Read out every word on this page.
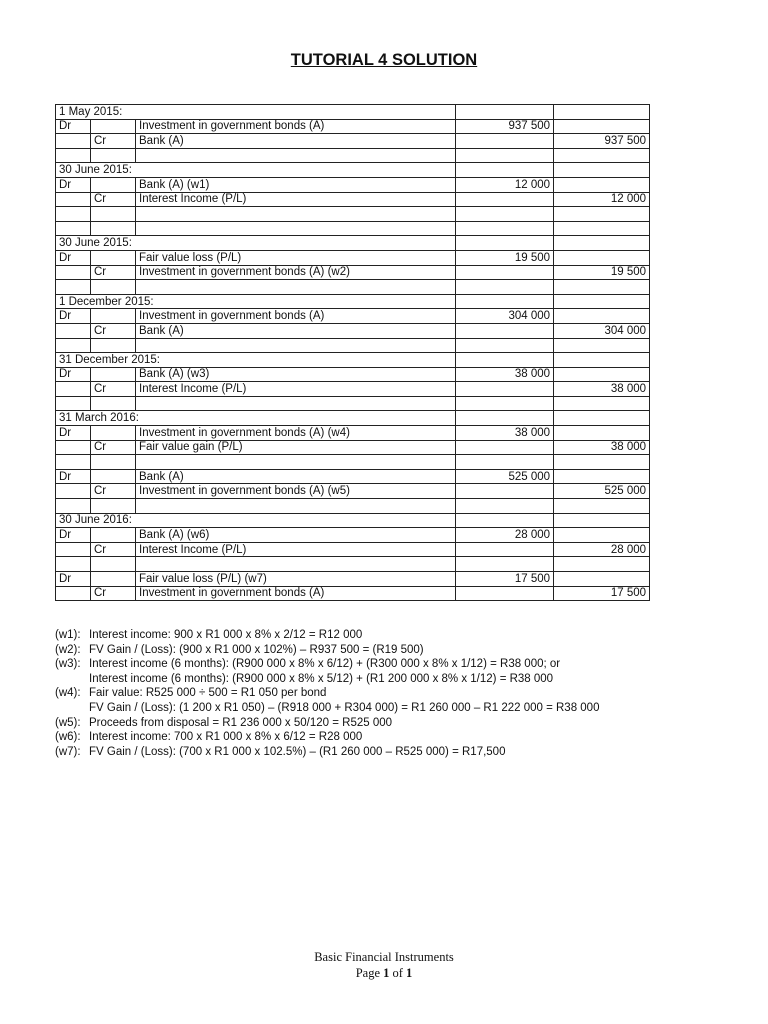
TUTORIAL 4 SOLUTION
1 May 2015:				
Dr		Investment in government bonds (A)	937 500	
	Cr	Bank (A)		937 500

30 June 2015:				
Dr		Bank (A) (w1)	12 000	
	Cr	Interest Income (P/L)		12 000

30 June 2015:				
Dr		Fair value loss (P/L)	19 500	
	Cr	Investment in government bonds (A) (w2)		19 500

1 December 2015:				
Dr		Investment in government bonds (A)	304 000	
	Cr	Bank (A)		304 000

31 December 2015:				
Dr		Bank (A) (w3)	38 000	
	Cr	Interest Income (P/L)		38 000

31 March 2016:				
Dr		Investment in government bonds (A) (w4)	38 000	
	Cr	Fair value gain (P/L)		38 000

Dr		Bank (A)	525 000	
	Cr	Investment in government bonds (A) (w5)		525 000

30 June 2016:				
Dr		Bank (A) (w6)	28 000	
	Cr	Interest Income (P/L)		28 000

Dr		Fair value loss (P/L) (w7)	17 500	
	Cr	Investment in government bonds (A)		17 500
(w1): Interest income: 900 x R1 000 x 8% x 2/12 = R12 000
(w2): FV Gain / (Loss): (900 x R1 000 x 102%) – R937 500 = (R19 500)
(w3): Interest income (6 months): (R900 000 x 8% x 6/12) + (R300 000 x 8% x 1/12) = R38 000; or
Interest income (6 months): (R900 000 x 8% x 5/12) + (R1 200 000 x 8% x 1/12) = R38 000
(w4): Fair value: R525 000 ÷ 500 = R1 050 per bond
FV Gain / (Loss): (1 200 x R1 050) – (R918 000 + R304 000) = R1 260 000 – R1 222 000 = R38 000
(w5): Proceeds from disposal = R1 236 000 x 50/120 = R525 000
(w6): Interest income: 700 x R1 000 x 8% x 6/12 = R28 000
(w7): FV Gain / (Loss): (700 x R1 000 x 102.5%) – (R1 260 000 – R525 000) = R17,500
Basic Financial Instruments
Page 1 of 1
